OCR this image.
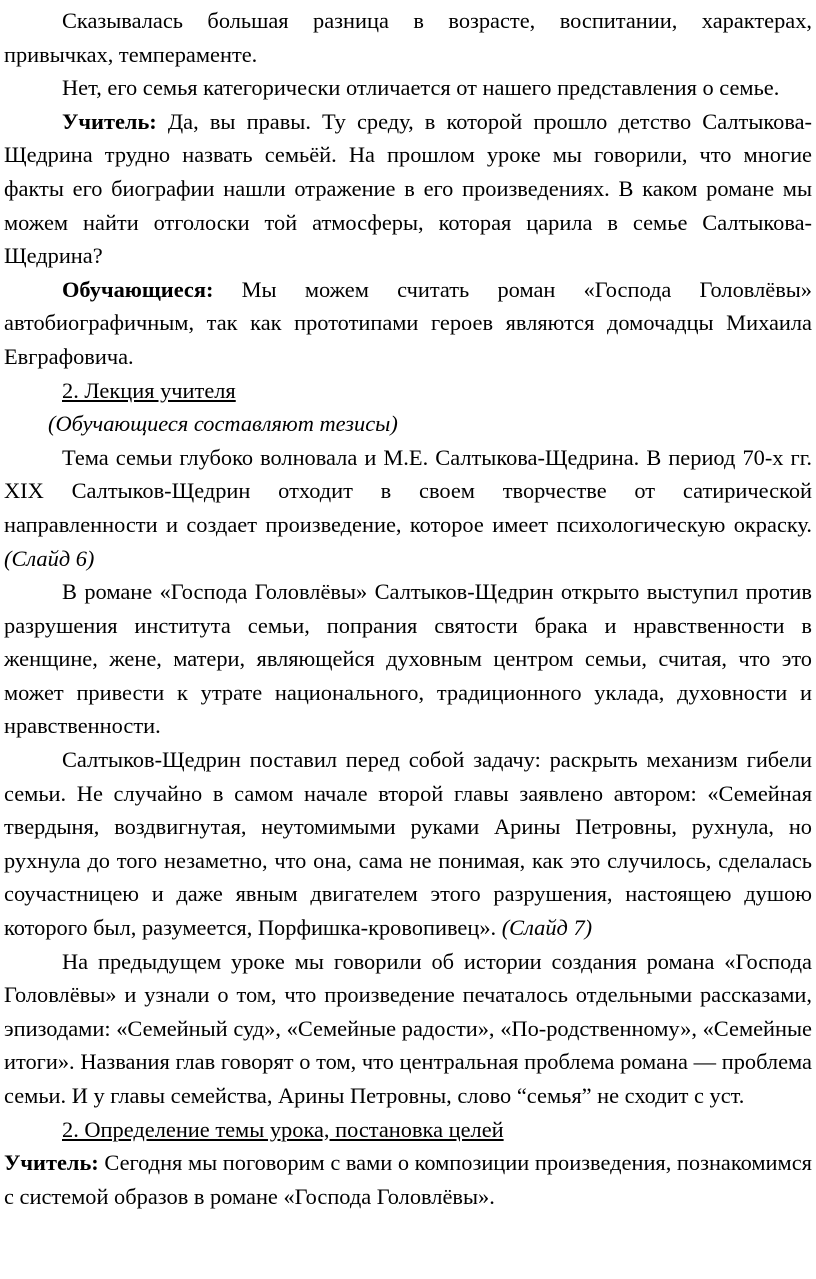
Сказывалась большая разница в возрасте, воспитании, характерах, привычках, темпераменте.

Нет, его семья категорически отличается от нашего представления о семье.

Учитель: Да, вы правы. Ту среду, в которой прошло детство Салтыкова-Щедрина трудно назвать семьёй. На прошлом уроке мы говорили, что многие факты его биографии нашли отражение в его произведениях. В каком романе мы можем найти отголоски той атмосферы, которая царила в семье Салтыкова-Щедрина?

Обучающиеся: Мы можем считать роман «Господа Головлёвы» автобиографичным, так как прототипами героев являются домочадцы Михаила Евграфовича.

2. Лекция учителя

(Обучающиеся составляют тезисы)

Тема семьи глубоко волновала и М.Е. Салтыкова-Щедрина. В период 70-х гг. XIX Салтыков-Щедрин отходит в своем творчестве от сатирической направленности и создает произведение, которое имеет психологическую окраску. (Слайд 6)

В романе «Господа Головлёвы» Салтыков-Щедрин открыто выступил против разрушения института семьи, попрания святости брака и нравственности в женщине, жене, матери, являющейся духовным центром семьи, считая, что это может привести к утрате национального, традиционного уклада, духовности и нравственности.

Салтыков-Щедрин поставил перед собой задачу: раскрыть механизм гибели семьи. Не случайно в самом начале второй главы заявлено автором: «Семейная твердыня, воздвигнутая, неутомимыми руками Арины Петровны, рухнула, но рухнула до того незаметно, что она, сама не понимая, как это случилось, сделалась соучастницею и даже явным двигателем этого разрушения, настоящею душою которого был, разумеется, Порфишка-кровопивец». (Слайд 7)

На предыдущем уроке мы говорили об истории создания романа «Господа Головлёвы» и узнали о том, что произведение печаталось отдельными рассказами, эпизодами: «Семейный суд», «Семейные радости», «По-родственному», «Семейные итоги». Названия глав говорят о том, что центральная проблема романа — проблема семьи. И у главы семейства, Арины Петровны, слово “семья” не сходит с уст.

2. Определение темы урока, постановка целей

Учитель: Сегодня мы поговорим с вами о композиции произведения, познакомимся с системой образов в романе «Господа Головлёвы».
